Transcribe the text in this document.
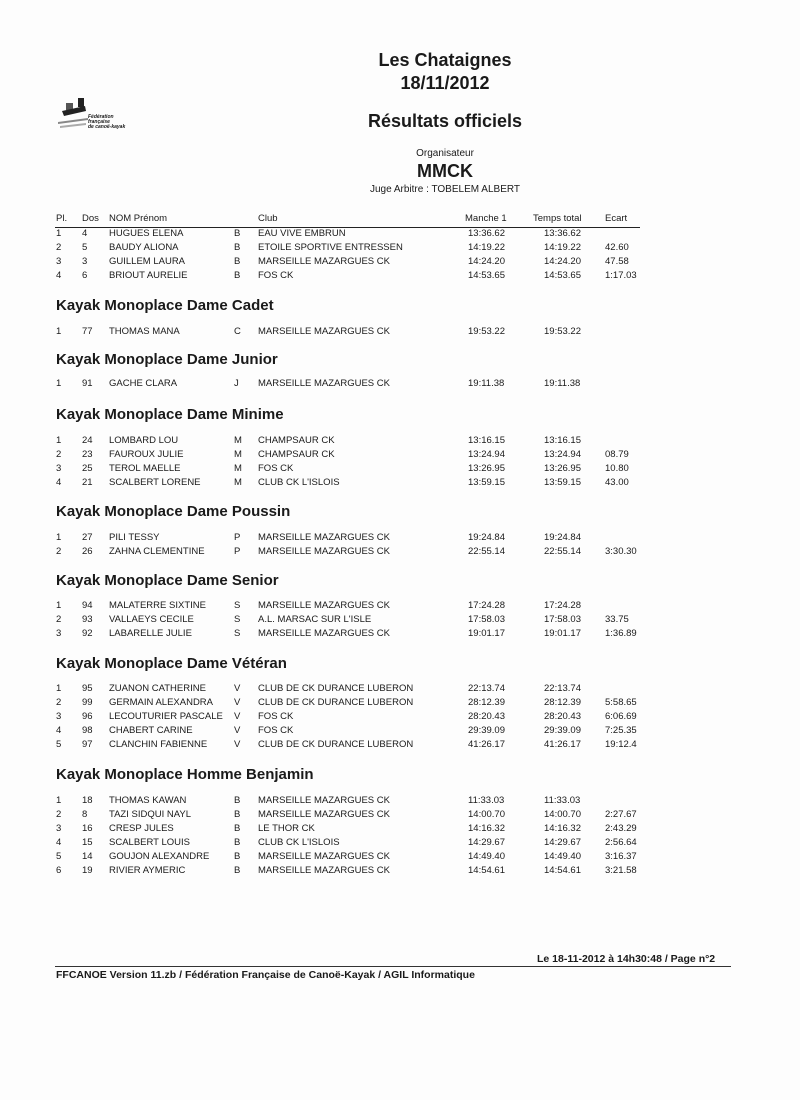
Les Chataignes
18/11/2012
Résultats officiels
Organisateur
MMCK
Juge Arbitre : TOBELEM ALBERT
Fédération
française
de canoë-kayak
Pl. Dos NOM Prénom	Club	Manche 1	Temps total Ecart
1 4 HUGUES ELENA	B EAU VIVE EMBRUN	13:36.62	13:36.62
2 5 BAUDY ALIONA	B ETOILE SPORTIVE ENTRESSEN	14:19.22	14:19.22	42.60
3 3 GUILLEM LAURA	B MARSEILLE MAZARGUES CK	14:24.20	14:24.20	47.58
4 6 BRIOUT AURELIE	B FOS CK	14:53.65	14:53.65	1:17.03
Kayak Monoplace Dame Cadet
1 77 THOMAS MANA	C MARSEILLE MAZARGUES CK	19:53.22	19:53.22
Kayak Monoplace Dame Junior
1 91 GACHE CLARA	J MARSEILLE MAZARGUES CK	19:11.38	19:11.38
Kayak Monoplace Dame Minime
1 24 LOMBARD LOU	M CHAMPSAUR CK	13:16.15	13:16.15
2 23 FAUROUX JULIE	M CHAMPSAUR CK	13:24.94	13:24.94	08.79
3 25 TEROL MAELLE	M FOS CK	13:26.95	13:26.95	10.80
4 21 SCALBERT LORENE	M CLUB CK L'ISLOIS	13:59.15	13:59.15	43.00
Kayak Monoplace Dame Poussin
1 27 PILI TESSY	P MARSEILLE MAZARGUES CK	19:24.84	19:24.84
2 26 ZAHNA CLEMENTINE	P MARSEILLE MAZARGUES CK	22:55.14	22:55.14	3:30.30
Kayak Monoplace Dame Senior
1 94 MALATERRE SIXTINE	S MARSEILLE MAZARGUES CK	17:24.28	17:24.28
2 93 VALLAEYS CECILE	S A.L. MARSAC SUR L'ISLE	17:58.03	17:58.03	33.75
3 92 LABARELLE JULIE	S MARSEILLE MAZARGUES CK	19:01.17	19:01.17	1:36.89
Kayak Monoplace Dame Vétéran
1 95 ZUANON CATHERINE	V CLUB DE CK DURANCE LUBERON	22:13.74	22:13.74
2 99 GERMAIN ALEXANDRA V CLUB DE CK DURANCE LUBERON	28:12.39	28:12.39	5:58.65
3 96 LECOUTURIER PASCALE V FOS CK	28:20.43	28:20.43	6:06.69
4 98 CHABERT CARINE	V FOS CK	29:39.09	29:39.09	7:25.35
5 97 CLANCHIN FABIENNE	V CLUB DE CK DURANCE LUBERON	41:26.17	41:26.17	19:12.4
Kayak Monoplace Homme Benjamin
1 18 THOMAS KAWAN	B MARSEILLE MAZARGUES CK	11:33.03	11:33.03
2 8 TAZI SIDQUI NAYL	B MARSEILLE MAZARGUES CK	14:00.70	14:00.70	2:27.67
3 16 CRESP JULES	B LE THOR CK	14:16.32	14:16.32	2:43.29
4 15 SCALBERT LOUIS	B CLUB CK L'ISLOIS	14:29.67	14:29.67	2:56.64
5 14 GOUJON ALEXANDRE	B MARSEILLE MAZARGUES CK	14:49.40	14:49.40	3:16.37
6 19 RIVIER AYMERIC	B MARSEILLE MAZARGUES CK	14:54.61	14:54.61	3:21.58
Le 18-11-2012 à 14h30:48 / Page n°2
FFCANOE Version 11.zb / Fédération Française de Canoë-Kayak / AGIL Informatique
